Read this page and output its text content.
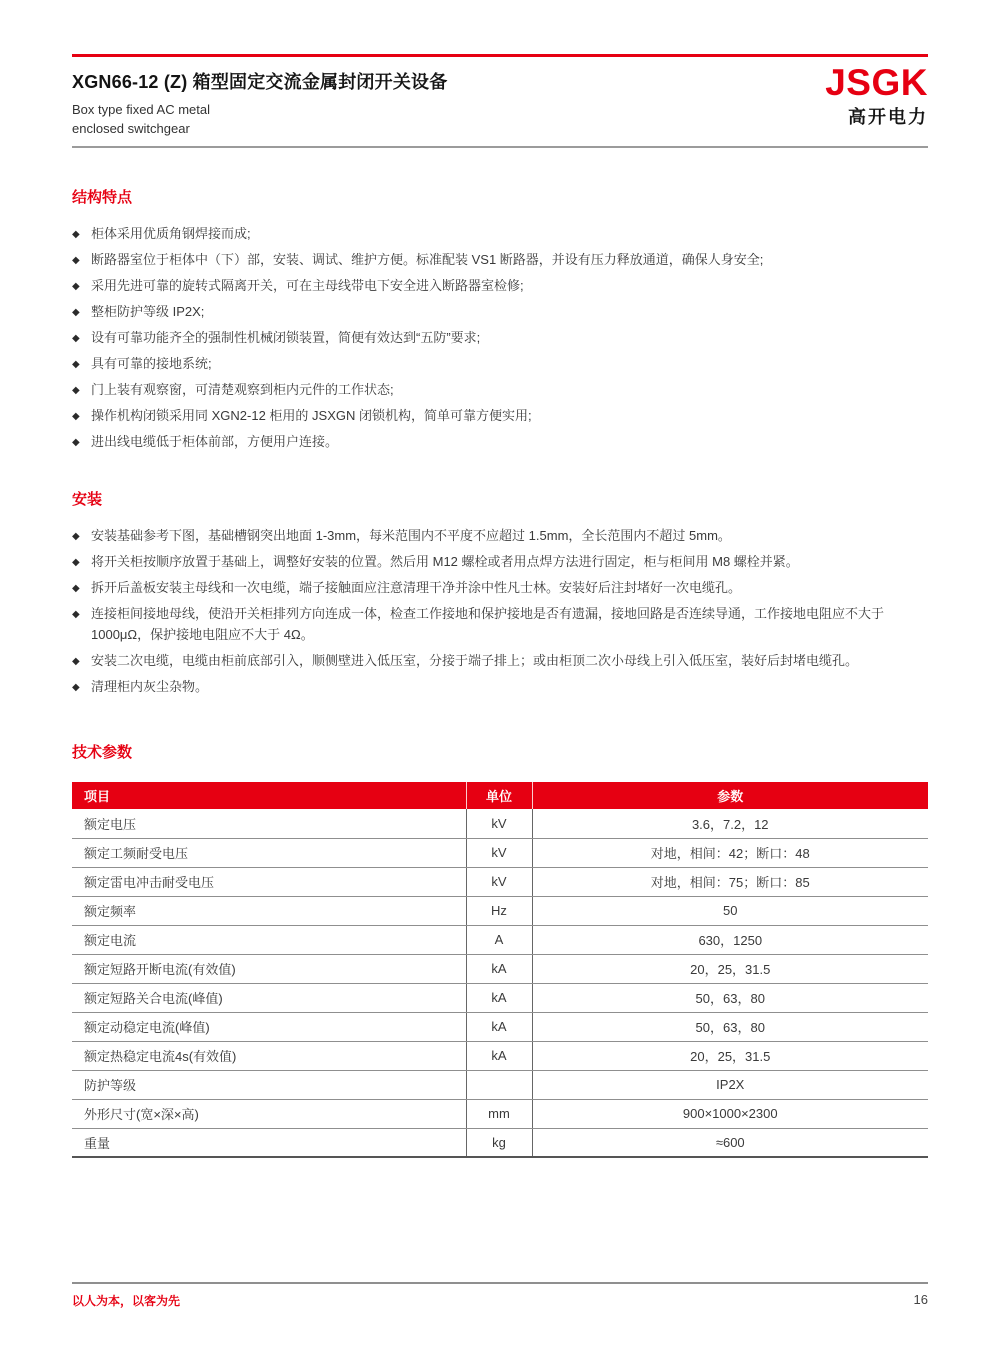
XGN66-12 (Z) 箱型固定交流金属封闭开关设备
Box type fixed AC metal
enclosed switchgear
JSGK
高开电力
结构特点
◆ 柜体采用优质角钢焊接而成;
◆ 断路器室位于柜体中（下）部，安装、调试、维护方便。标准配装 VS1 断路器，并设有压力释放通道，确保人身安全;
◆ 采用先进可靠的旋转式隔离开关，可在主母线带电下安全进入断路器室检修;
◆ 整柜防护等级 IP2X;
◆ 设有可靠功能齐全的强制性机械闭锁装置，简便有效达到“五防”要求;
◆ 具有可靠的接地系统;
◆ 门上装有观察窗，可清楚观察到柜内元件的工作状态;
◆ 操作机构闭锁采用同 XGN2-12 柜用的 JSXGN 闭锁机构，简单可靠方便实用;
◆ 进出线电缆低于柜体前部，方便用户连接。
安装
◆ 安装基础参考下图，基础槽钢突出地面 1-3mm，每米范围内不平度不应超过 1.5mm，全长范围内不超过 5mm。
◆ 将开关柜按顺序放置于基础上，调整好安装的位置。然后用 M12 螺栓或者用点焊方法进行固定，柜与柜间用 M8 螺栓并紧。
◆ 拆开后盖板安装主母线和一次电缆，端子接触面应注意清理干净并涂中性凡士林。安装好后注封堵好一次电缆孔。
◆ 连接柜间接地母线，使沿开关柜排列方向连成一体，检查工作接地和保护接地是否有遗漏，接地回路是否连续导通，工作接地电阻应不大于 1000μΩ，保护接地电阻应不大于 4Ω。
◆ 安装二次电缆，电缆由柜前底部引入，顺侧壁进入低压室，分接于端子排上；或由柜顶二次小母线上引入低压室，装好后封堵电缆孔。
◆ 清理柜内灰尘杂物。
技术参数
项目	单位	参数
额定电压	kV	3.6，7.2，12
额定工频耐受电压	kV	对地，相间：42；断口：48
额定雷电冲击耐受电压	kV	对地，相间：75；断口：85
额定频率	Hz	50
额定电流	A	630，1250
额定短路开断电流(有效值)	kA	20，25，31.5
额定短路关合电流(峰值)	kA	50，63，80
额定动稳定电流(峰值)	kA	50，63，80
额定热稳定电流4s(有效值)	kA	20，25，31.5
防护等级		IP2X
外形尺寸(宽×深×高)	mm	900×1000×2300
重量	kg	≈600
以人为本，以客为先	16
